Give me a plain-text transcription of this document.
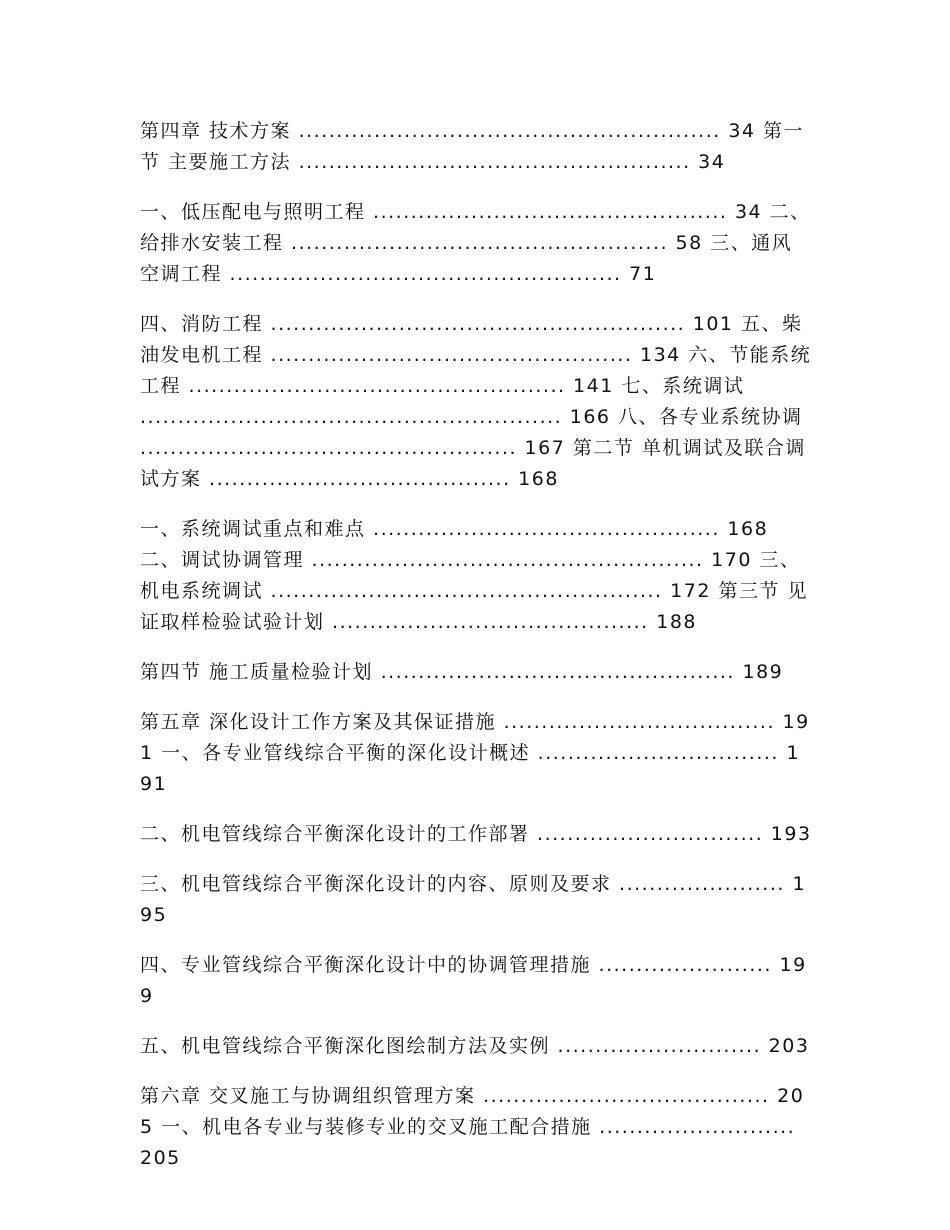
第四章 技术方案 ........................................................ 34 第一节 主要施工方法 .................................................... 34

一、低压配电与照明工程 ............................................... 34 二、给排水安装工程 .................................................. 58 三、通风空调工程 .................................................... 71

四、消防工程 ....................................................... 101 五、柴油发电机工程 ................................................ 134 六、节能系统工程 .................................................. 141 七、系统调试 ........................................................ 166 八、各专业系统协调 .................................................. 167 第二节 单机调试及联合调试方案 ........................................ 168

一、系统调试重点和难点 .............................................. 168 二、调试协调管理 .................................................... 170 三、机电系统调试 .................................................... 172 第三节 见证取样检验试验计划 .......................................... 188

第四节 施工质量检验计划 ............................................... 189

第五章 深化设计工作方案及其保证措施 .................................... 191 一、各专业管线综合平衡的深化设计概述 ................................ 191

二、机电管线综合平衡深化设计的工作部署 .............................. 193

三、机电管线综合平衡深化设计的内容、原则及要求 ...................... 195

四、专业管线综合平衡深化设计中的协调管理措施 ....................... 199

五、机电管线综合平衡深化图绘制方法及实例 ........................... 203

第六章 交叉施工与协调组织管理方案 ...................................... 205 一、机电各专业与装修专业的交叉施工配合措施 .......................... 205
